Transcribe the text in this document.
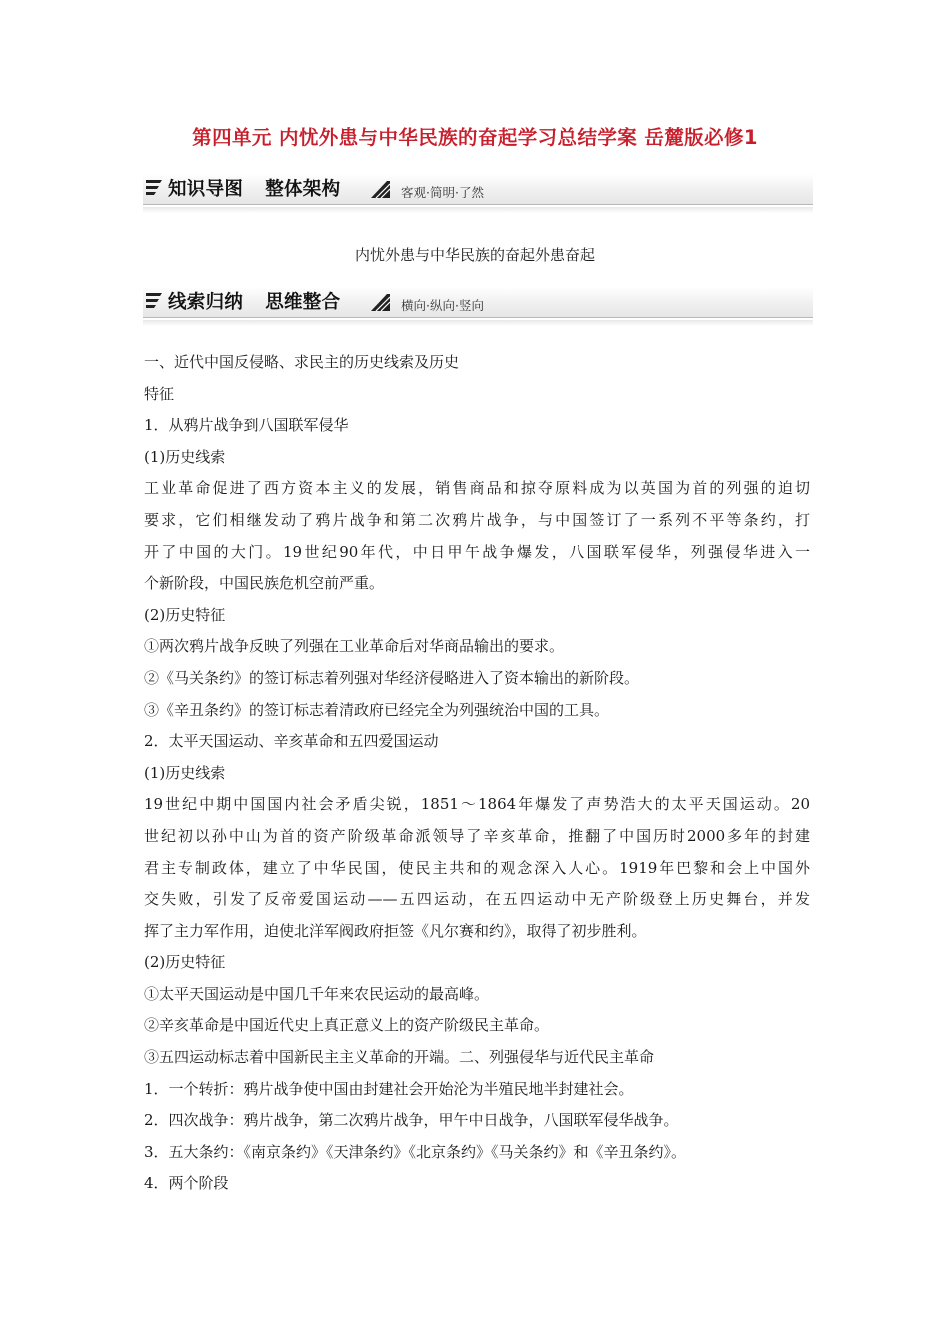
第四单元 内忧外患与中华民族的奋起学习总结学案 岳麓版必修1
知识导图 整体架构	客观·简明·了然
内忧外患与中华民族的奋起外患奋起
线索归纳 思维整合	横向·纵向·竖向

一、近代中国反侵略、求民主的历史线索及历史

特征

1．从鸦片战争到八国联军侵华

(1)历史线索

工业革命促进了西方资本主义的发展，销售商品和掠夺原料成为以英国为首的列强的迫切

要求，它们相继发动了鸦片战争和第二次鸦片战争，与中国签订了一系列不平等条约，打

开了中国的大门。19世纪90年代，中日甲午战争爆发，八国联军侵华，列强侵华进入一

个新阶段，中国民族危机空前严重。

(2)历史特征

①两次鸦片战争反映了列强在工业革命后对华商品输出的要求。

②《马关条约》的签订标志着列强对华经济侵略进入了资本输出的新阶段。

③《辛丑条约》的签订标志着清政府已经完全为列强统治中国的工具。

2．太平天国运动、辛亥革命和五四爱国运动

(1)历史线索

19世纪中期中国国内社会矛盾尖锐，1851～1864年爆发了声势浩大的太平天国运动。20

世纪初以孙中山为首的资产阶级革命派领导了辛亥革命，推翻了中国历时2000多年的封建

君主专制政体，建立了中华民国，使民主共和的观念深入人心。1919年巴黎和会上中国外

交失败，引发了反帝爱国运动——五四运动，在五四运动中无产阶级登上历史舞台，并发

挥了主力军作用，迫使北洋军阀政府拒签《凡尔赛和约》，取得了初步胜利。

(2)历史特征

①太平天国运动是中国几千年来农民运动的最高峰。

②辛亥革命是中国近代史上真正意义上的资产阶级民主革命。

③五四运动标志着中国新民主主义革命的开端。二、列强侵华与近代民主革命

1．一个转折：鸦片战争使中国由封建社会开始沦为半殖民地半封建社会。

2．四次战争：鸦片战争，第二次鸦片战争，甲午中日战争，八国联军侵华战争。

3．五大条约：《南京条约》《天津条约》《北京条约》《马关条约》和《辛丑条约》。

4．两个阶段
